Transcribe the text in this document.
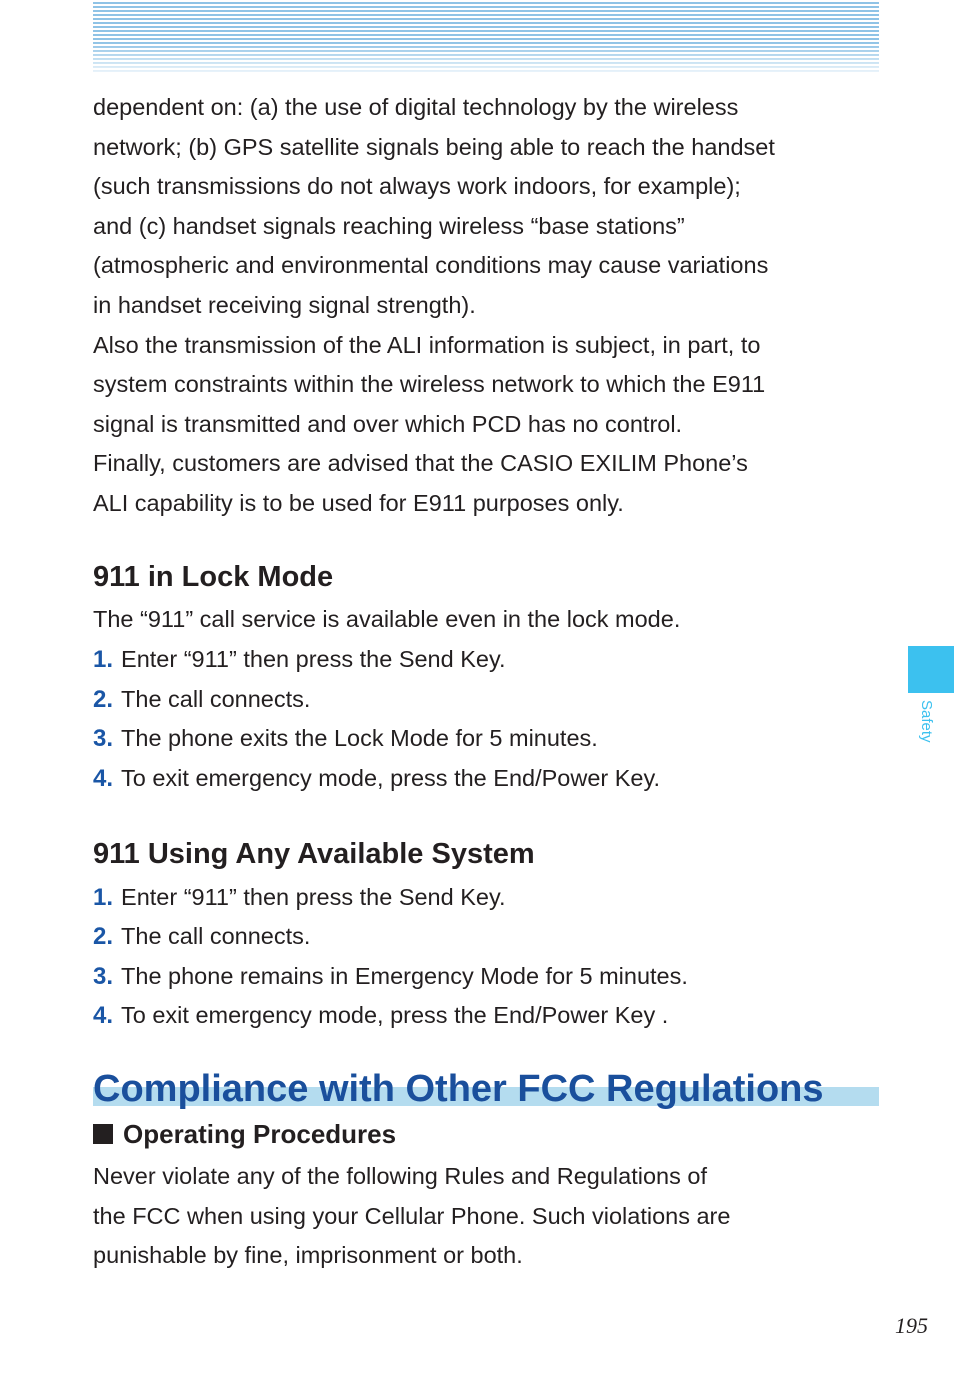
dependent on: (a) the use of digital technology by the wireless
network; (b) GPS satellite signals being able to reach the handset
(such transmissions do not always work indoors, for example);
and (c) handset signals reaching wireless “base stations”
(atmospheric and environmental conditions may cause variations
in handset receiving signal strength).
Also the transmission of the ALI information is subject, in part, to
system constraints within the wireless network to which the E911
signal is transmitted and over which PCD has no control.
Finally, customers are advised that the CASIO EXILIM Phone’s
ALI capability is to be used for E911 purposes only.
911 in Lock Mode
The “911” call service is available even in the lock mode.
1. Enter “911” then press the Send Key.
2. The call connects.
3. The phone exits the Lock Mode for 5 minutes.
4. To exit emergency mode, press the End/Power Key.
911 Using Any Available System
1. Enter “911” then press the Send Key.
2. The call connects.
3. The phone remains in Emergency Mode for 5 minutes.
4. To exit emergency mode, press the End/Power Key .
Compliance with Other FCC Regulations
Operating Procedures
Never violate any of the following Rules and Regulations of
the FCC when using your Cellular Phone. Such violations are
punishable by fine, imprisonment or both.
Safety
195
